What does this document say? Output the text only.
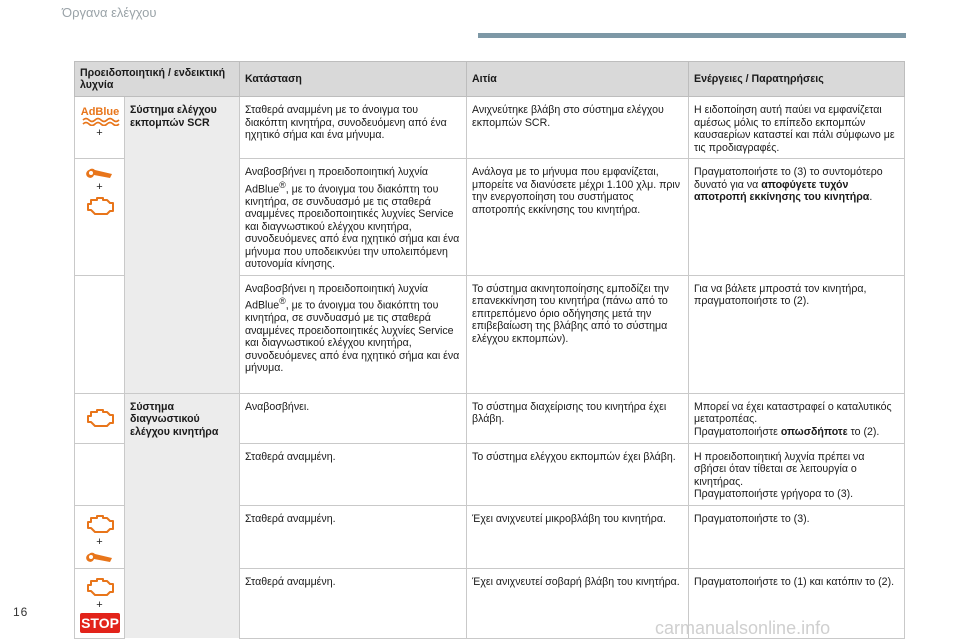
Όργανα ελέγχου
Προειδοποιητική / ενδεικτική λυχνία		Κατάσταση	Αιτία	Ενέργειες / Παρατηρήσεις

AdBlue
+	Σύστημα ελέγχου εκπομπών SCR	Σταθερά αναμμένη με το άνοιγμα του διακόπτη κινητήρα, συνοδευόμενη από ένα ηχητικό σήμα και ένα μήνυμα.	Ανιχνεύτηκε βλάβη στο σύστημα ελέγχου εκπομπών SCR.	Η ειδοποίηση αυτή παύει να εμφανίζεται αμέσως μόλις το επίπεδο εκπομπών καυσαερίων καταστεί και πάλι σύμφωνο με τις προδιαγραφές.

+		Αναβοσβήνει η προειδοποιητική λυχνία AdBlue®, με το άνοιγμα του διακόπτη του κινητήρα, σε συνδυασμό με τις σταθερά αναμμένες προειδοποιητικές λυχνίες Service και διαγνωστικού ελέγχου κινητήρα, συνοδευόμενες από ένα ηχητικό σήμα και ένα μήνυμα που υποδεικνύει την υπολειπόμενη αυτονομία κίνησης.	Ανάλογα με το μήνυμα που εμφανίζεται, μπορείτε να διανύσετε μέχρι 1.100 χλμ. πριν την ενεργοποίηση του συστήματος αποτροπής εκκίνησης του κινητήρα.	Πραγματοποιήστε το (3) το συντομότερο δυνατό για να αποφύγετε τυχόν αποτροπή εκκίνησης του κινητήρα.
		Αναβοσβήνει η προειδοποιητική λυχνία AdBlue®, με το άνοιγμα του διακόπτη του κινητήρα, σε συνδυασμό με τις σταθερά αναμμένες προειδοποιητικές λυχνίες Service και διαγνωστικού ελέγχου κινητήρα, συνοδευόμενες από ένα ηχητικό σήμα και ένα μήνυμα.	Το σύστημα ακινητοποίησης εμποδίζει την επανεκκίνηση του κινητήρα (πάνω από το επιτρεπόμενο όριο οδήγησης μετά την επιβεβαίωση της βλάβης από το σύστημα ελέγχου εκπομπών).	Για να βάλετε μπροστά τον κινητήρα, πραγματοποιήστε το (2).

	Σύστημα διαγνωστικού ελέγχου κινητήρα	Αναβοσβήνει.	Το σύστημα διαχείρισης του κινητήρα έχει βλάβη.	Μπορεί να έχει καταστραφεί ο καταλυτικός μετατροπέας.
Πραγματοποιήστε οπωσδήποτε το (2).
		Σταθερά αναμμένη.	Το σύστημα ελέγχου εκπομπών έχει βλάβη.	Η προειδοποιητική λυχνία πρέπει να σβήσει όταν τίθεται σε λειτουργία ο κινητήρας.
Πραγματοποιήστε γρήγορα το (3).

+		Σταθερά αναμμένη.	Έχει ανιχνευτεί μικροβλάβη του κινητήρα.	Πραγματοποιήστε το (3).

+
STOP		Σταθερά αναμμένη.	Έχει ανιχνευτεί σοβαρή βλάβη του κινητήρα.	Πραγματοποιήστε το (1) και κατόπιν το (2).
16
carmanualsonline.info
